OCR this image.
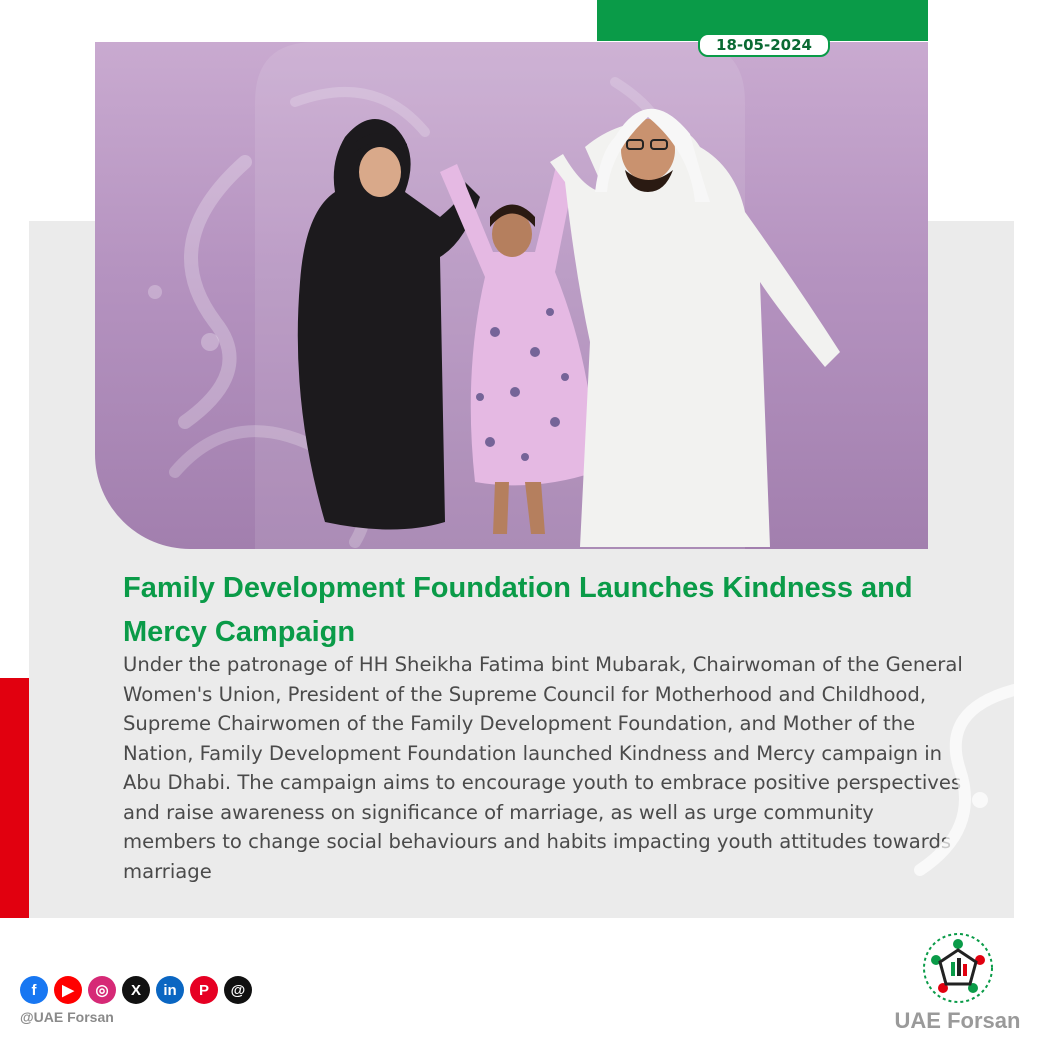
18-05-2024
Family Development Foundation Launches Kindness and Mercy Campaign

Under the patronage of HH Sheikha Fatima bint Mubarak, Chairwoman of the General Women's Union, President of the Supreme Council for Motherhood and Childhood, Supreme Chairwomen of the Family Development Foundation, and Mother of the Nation, Family Development Foundation launched Kindness and Mercy campaign in Abu Dhabi. The campaign aims to encourage youth to embrace positive perspectives and raise awareness on significance of marriage, as well as urge community members to change social behaviours and habits impacting youth attitudes towards marriage

f	▶	◎	X	in	P	@
@UAE Forsan	UAE Forsan
